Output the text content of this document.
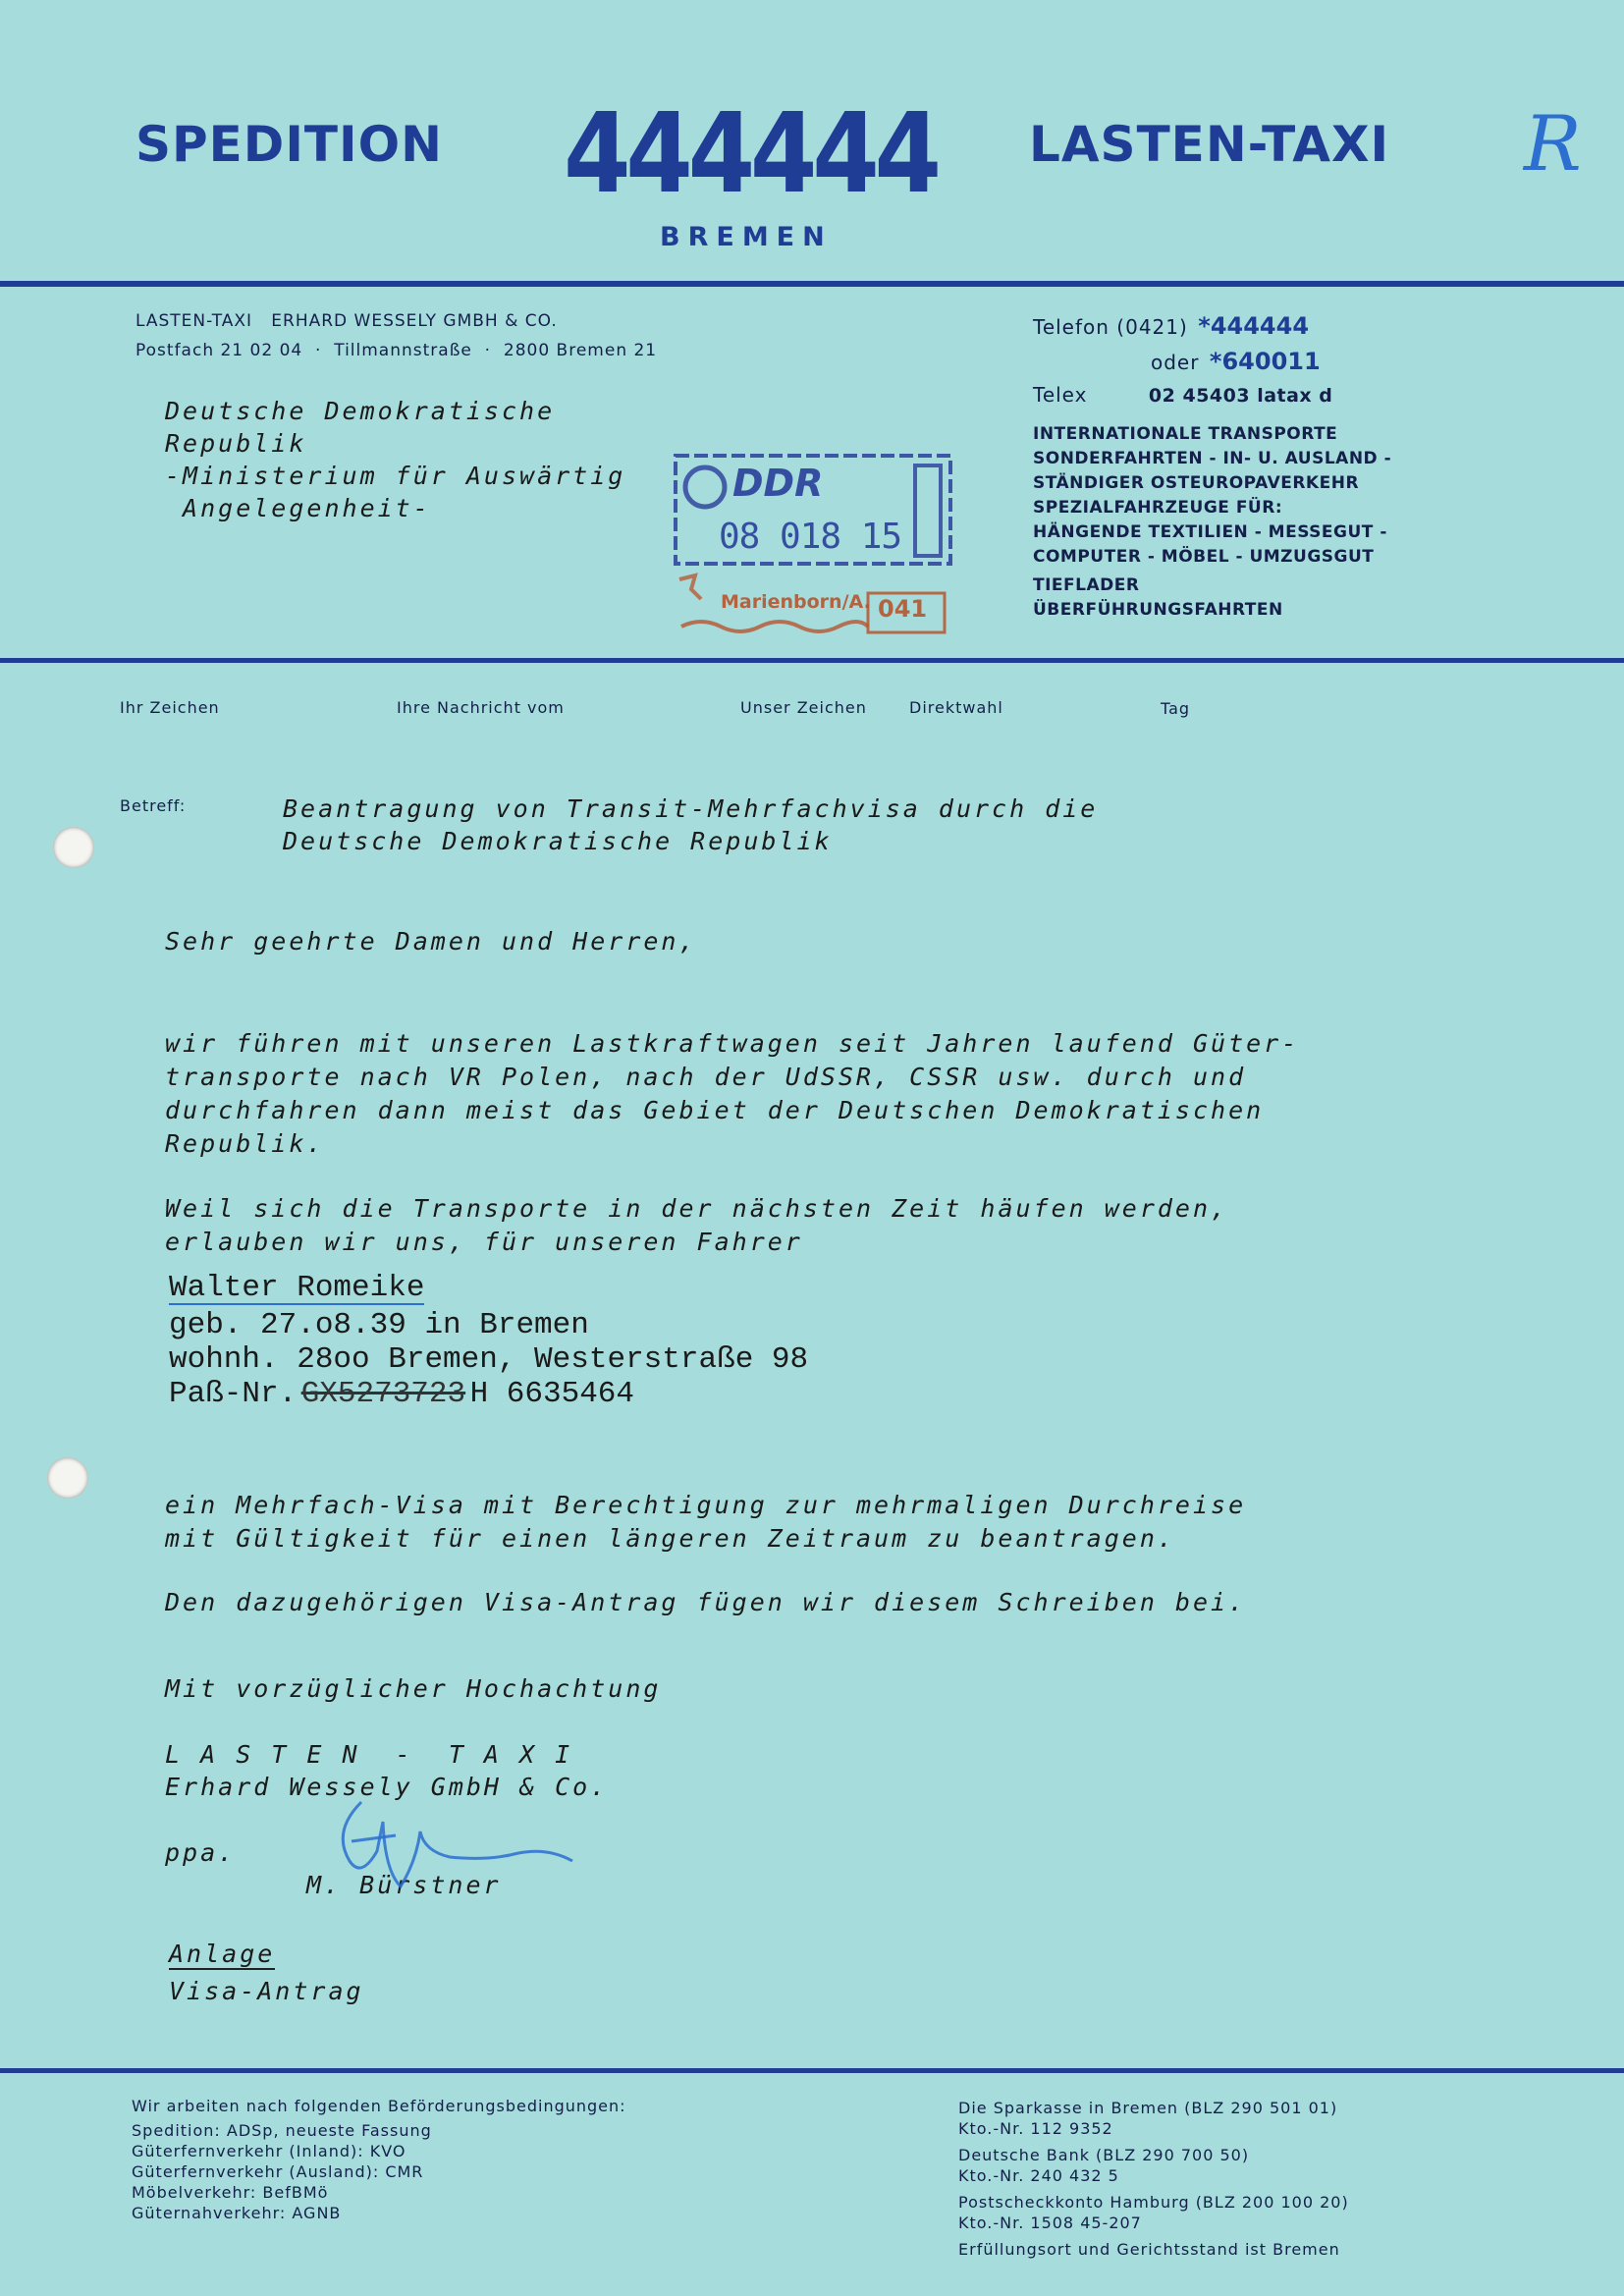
SPEDITION 444444 LASTEN-TAXI R
BREMEN
LASTEN-TAXI   ERHARD WESSELY GMBH & CO.
Postfach 21 02 04  ·  Tillmannstraße  ·  2800 Bremen 21
Telefon (0421) *444444
oder *640011
Telex	02 45403 latax d
INTERNATIONALE TRANSPORTE
SONDERFAHRTEN - IN- U. AUSLAND -
STÄNDIGER OSTEUROPAVERKEHR
SPEZIALFAHRZEUGE FÜR:
HÄNGENDE TEXTILIEN - MESSEGUT -
COMPUTER - MÖBEL - UMZUGSGUT
TIEFLADER
ÜBERFÜHRUNGSFAHRTEN
Deutsche Demokratische
Republik
-Ministerium für Auswärtig
Angelegenheit-
DDR
08 018 15
Marienborn/A. 041
Ihr Zeichen	Ihre Nachricht vom	Unser Zeichen	Direktwahl	Tag
Betreff:	Beantragung von Transit-Mehrfachvisa durch die
Deutsche Demokratische Republik
Sehr geehrte Damen und Herren,
wir führen mit unseren Lastkraftwagen seit Jahren laufend Güter-
transporte nach VR Polen, nach der UdSSR, CSSR usw. durch und
durchfahren dann meist das Gebiet der Deutschen Demokratischen
Republik.
Weil sich die Transporte in der nächsten Zeit häufen werden,
erlauben wir uns, für unseren Fahrer
Walter Romeike
geb. 27.o8.39 in Bremen
wohnh. 28oo Bremen, Westerstraße 98
Paß-Nr. GX5273723 H 6635464
ein Mehrfach-Visa mit Berechtigung zur mehrmaligen Durchreise
mit Gültigkeit für einen längeren Zeitraum zu beantragen.
Den dazugehörigen Visa-Antrag fügen wir diesem Schreiben bei.
Mit vorzüglicher Hochachtung
L A S T E N  -  T A X I
Erhard Wessely GmbH & Co.
ppa.
M. Bürstner
Anlage
Visa-Antrag
Wir arbeiten nach folgenden Beförderungsbedingungen:
Spedition: ADSp, neueste Fassung
Güterfernverkehr (Inland): KVO
Güterfernverkehr (Ausland): CMR
Möbelverkehr: BefBMö
Güternahverkehr: AGNB
Die Sparkasse in Bremen (BLZ 290 501 01)
Kto.-Nr. 112 9352
Deutsche Bank (BLZ 290 700 50)
Kto.-Nr. 240 432 5
Postscheckkonto Hamburg (BLZ 200 100 20)
Kto.-Nr. 1508 45-207
Erfüllungsort und Gerichtsstand ist Bremen
